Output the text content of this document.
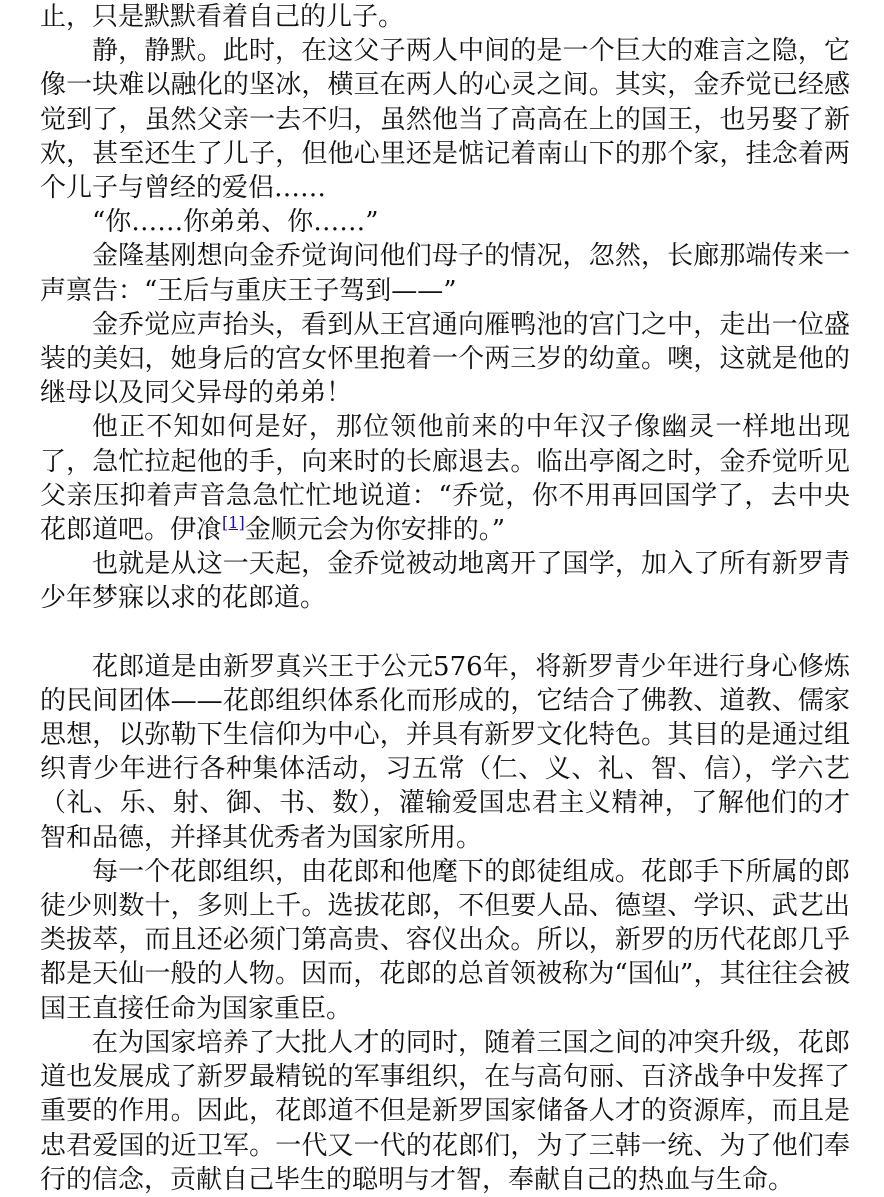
止，只是默默看着自己的儿子。

静，静默。此时，在这父子两人中间的是一个巨大的难言之隐，它像一块难以融化的坚冰，横亘在两人的心灵之间。其实，金乔觉已经感觉到了，虽然父亲一去不归，虽然他当了高高在上的国王，也另娶了新欢，甚至还生了儿子，但他心里还是惦记着南山下的那个家，挂念着两个儿子与曾经的爱侣……

“你……你弟弟、你……”

金隆基刚想向金乔觉询问他们母子的情况，忽然，长廊那端传来一声禀告：“王后与重庆王子驾到——”

金乔觉应声抬头，看到从王宫通向雁鸭池的宫门之中，走出一位盛装的美妇，她身后的宫女怀里抱着一个两三岁的幼童。噢，这就是他的继母以及同父异母的弟弟！

他正不知如何是好，那位领他前来的中年汉子像幽灵一样地出现了，急忙拉起他的手，向来时的长廊退去。临出亭阁之时，金乔觉听见父亲压抑着声音急急忙忙地说道：“乔觉，你不用再回国学了，去中央花郎道吧。伊飡[1]金顺元会为你安排的。”

也就是从这一天起，金乔觉被动地离开了国学，加入了所有新罗青少年梦寐以求的花郎道。

花郎道是由新罗真兴王于公元576年，将新罗青少年进行身心修炼的民间团体——花郎组织体系化而形成的，它结合了佛教、道教、儒家思想，以弥勒下生信仰为中心，并具有新罗文化特色。其目的是通过组织青少年进行各种集体活动，习五常（仁、义、礼、智、信），学六艺（礼、乐、射、御、书、数），灌输爱国忠君主义精神，了解他们的才智和品德，并择其优秀者为国家所用。

每一个花郎组织，由花郎和他麾下的郎徒组成。花郎手下所属的郎徒少则数十，多则上千。选拔花郎，不但要人品、德望、学识、武艺出类拔萃，而且还必须门第高贵、容仪出众。所以，新罗的历代花郎几乎都是天仙一般的人物。因而，花郎的总首领被称为“国仙”，其往往会被国王直接任命为国家重臣。

在为国家培养了大批人才的同时，随着三国之间的冲突升级，花郎道也发展成了新罗最精锐的军事组织，在与高句丽、百济战争中发挥了重要的作用。因此，花郎道不但是新罗国家储备人才的资源库，而且是忠君爱国的近卫军。一代又一代的花郎们，为了三韩一统、为了他们奉行的信念，贡献自己毕生的聪明与才智，奉献自己的热血与生命。
